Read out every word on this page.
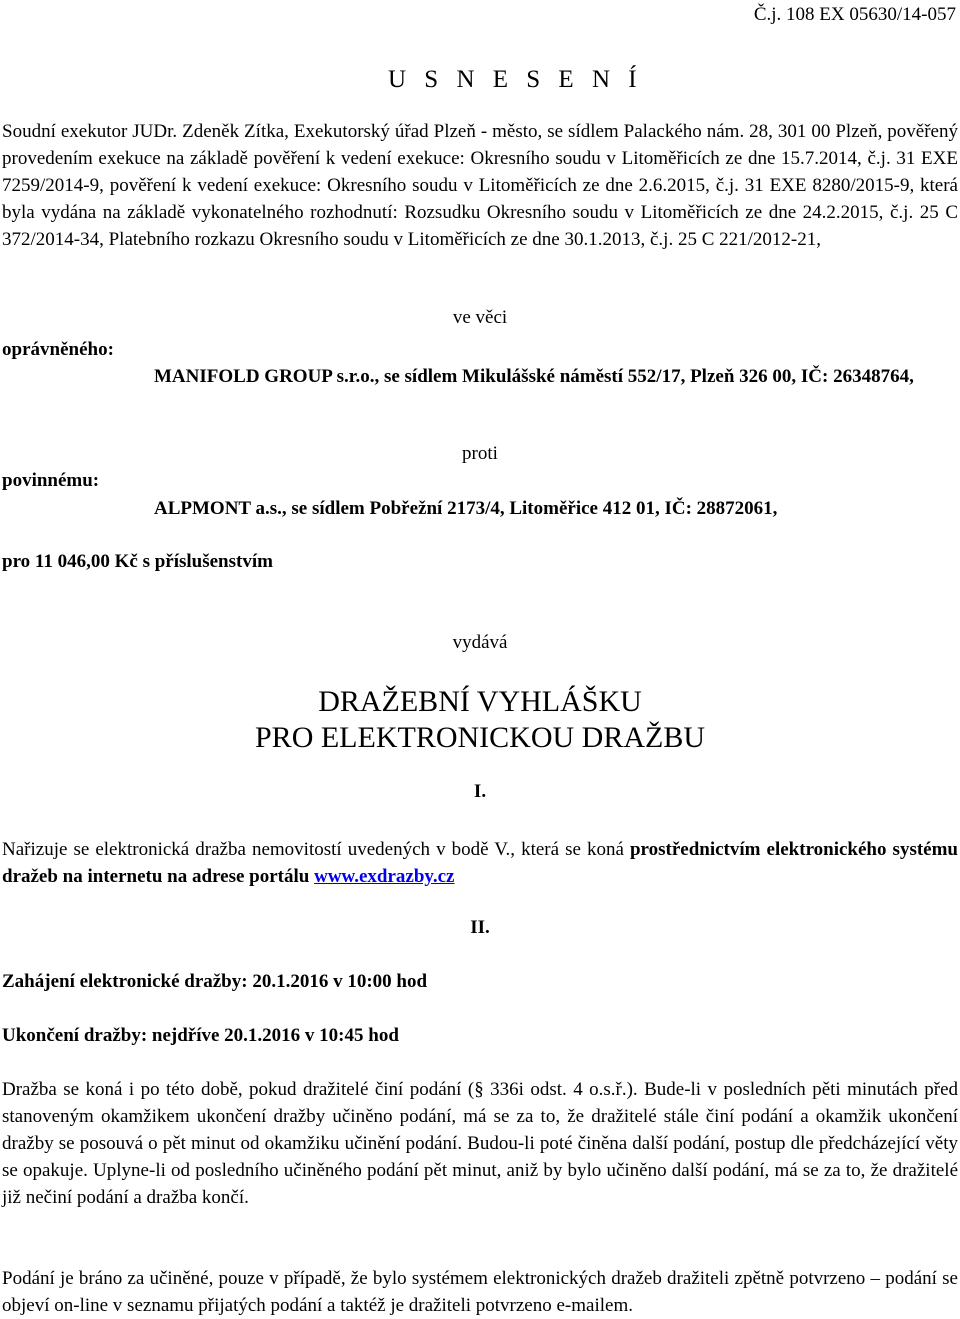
Č.j. 108 EX 05630/14-057
U S N E S E N Í
Soudní exekutor JUDr. Zdeněk Zítka, Exekutorský úřad Plzeň - město, se sídlem Palackého nám. 28, 301 00 Plzeň, pověřený provedením exekuce na základě pověření k vedení exekuce: Okresního soudu v Litoměřicích ze dne 15.7.2014, č.j. 31 EXE 7259/2014-9, pověření k vedení exekuce: Okresního soudu v Litoměřicích ze dne 2.6.2015, č.j. 31 EXE 8280/2015-9, která byla vydána na základě vykonatelného rozhodnutí: Rozsudku Okresního soudu v Litoměřicích ze dne 24.2.2015, č.j. 25 C 372/2014-34, Platebního rozkazu Okresního soudu v Litoměřicích ze dne 30.1.2013, č.j. 25 C 221/2012-21,
ve věci
oprávněného:
MANIFOLD GROUP s.r.o., se sídlem Mikulášské náměstí 552/17, Plzeň 326 00, IČ: 26348764,
proti
povinnému:
ALPMONT a.s., se sídlem Pobřežní 2173/4, Litoměřice 412 01, IČ: 28872061,
pro 11 046,00 Kč s příslušenstvím
vydává
DRAŽEBNÍ VYHLÁŠKU
PRO ELEKTRONICKOU DRAŽBU
I.
Nařizuje se elektronická dražba nemovitostí uvedených v bodě V., která se koná prostřednictvím elektronického systému dražeb na internetu na adrese portálu www.exdrazby.cz
II.
Zahájení elektronické dražby: 20.1.2016 v 10:00 hod
Ukončení dražby: nejdříve 20.1.2016 v 10:45 hod
Dražba se koná i po této době, pokud dražitelé činí podání (§ 336i odst. 4 o.s.ř.). Bude-li v posledních pěti minutách před stanoveným okamžikem ukončení dražby učiněno podání, má se za to, že dražitelé stále činí podání a okamžik ukončení dražby se posouvá o pět minut od okamžiku učinění podání. Budou-li poté činěna další podání, postup dle předcházející věty se opakuje. Uplyne-li od posledního učiněného podání pět minut, aniž by bylo učiněno další podání, má se za to, že dražitelé již nečiní podání a dražba končí.
Podání je bráno za učiněné, pouze v případě, že bylo systémem elektronických dražeb dražiteli zpětně potvrzeno – podání se objeví on-line v seznamu přijatých podání a taktéž je dražiteli potvrzeno e-mailem.
